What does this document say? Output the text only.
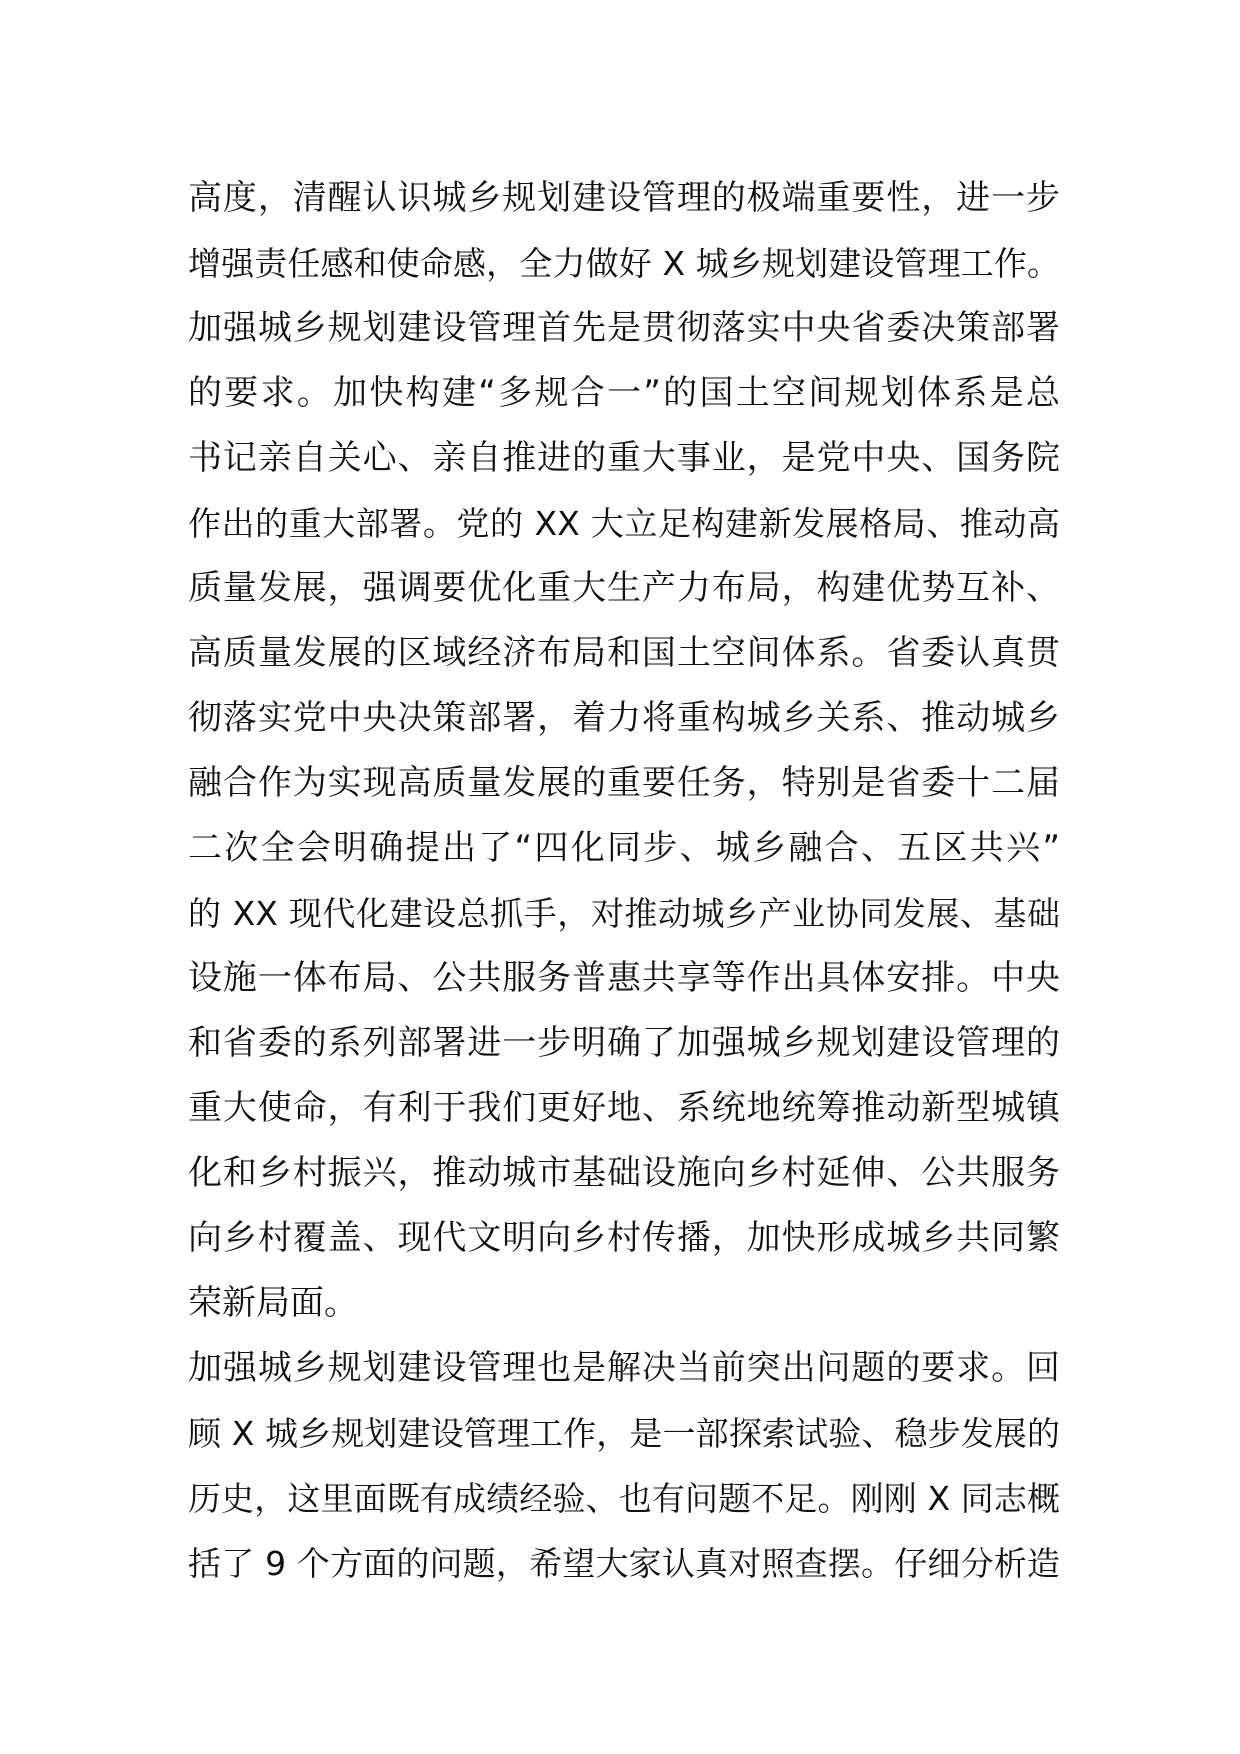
高度，清醒认识城乡规划建设管理的极端重要性，进一步
增强责任感和使命感，全力做好 X 城乡规划建设管理工作。
加强城乡规划建设管理首先是贯彻落实中央省委决策部署
的要求。加快构建“多规合一”的国土空间规划体系是总
书记亲自关心、亲自推进的重大事业，是党中央、国务院
作出的重大部署。党的 XX 大立足构建新发展格局、推动高
质量发展，强调要优化重大生产力布局，构建优势互补、
高质量发展的区域经济布局和国土空间体系。省委认真贯
彻落实党中央决策部署，着力将重构城乡关系、推动城乡
融合作为实现高质量发展的重要任务，特别是省委十二届
二次全会明确提出了“四化同步、城乡融合、五区共兴”
的 XX 现代化建设总抓手，对推动城乡产业协同发展、基础
设施一体布局、公共服务普惠共享等作出具体安排。中央
和省委的系列部署进一步明确了加强城乡规划建设管理的
重大使命，有利于我们更好地、系统地统筹推动新型城镇
化和乡村振兴，推动城市基础设施向乡村延伸、公共服务
向乡村覆盖、现代文明向乡村传播，加快形成城乡共同繁
荣新局面。
加强城乡规划建设管理也是解决当前突出问题的要求。回
顾 X 城乡规划建设管理工作，是一部探索试验、稳步发展的
历史，这里面既有成绩经验、也有问题不足。刚刚 X 同志概
括了 9 个方面的问题，希望大家认真对照查摆。仔细分析造
